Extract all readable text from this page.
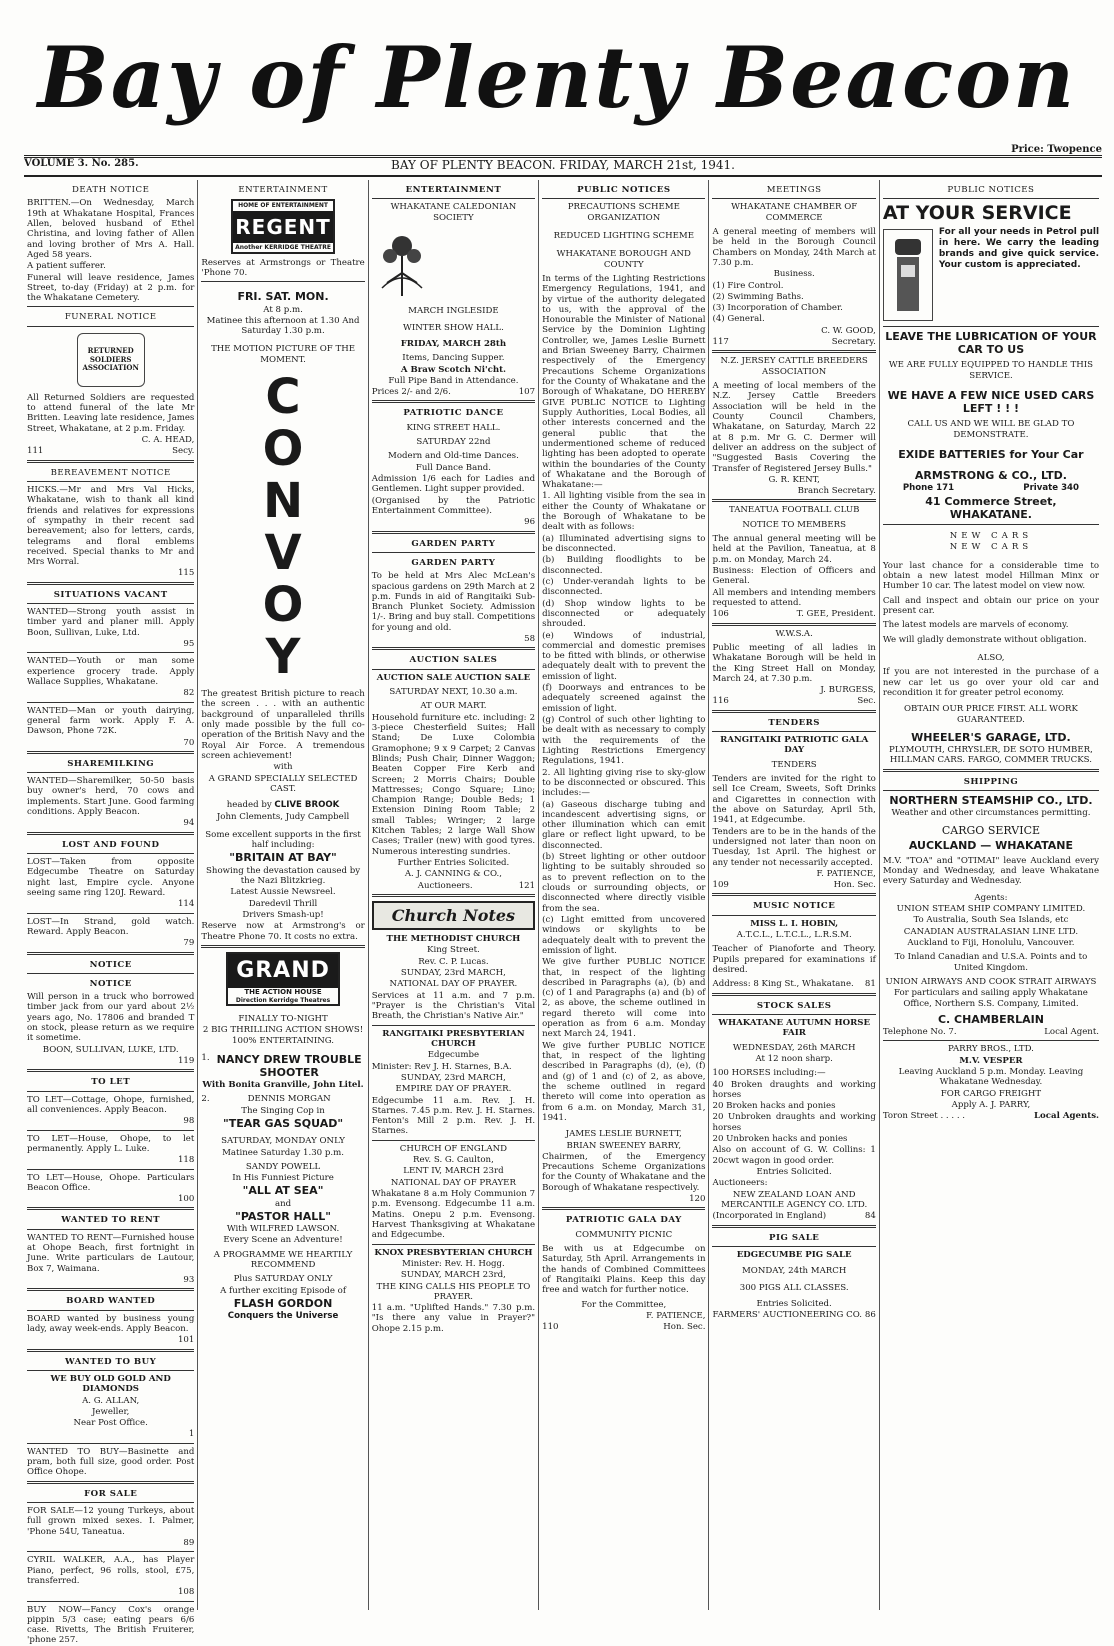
Bay of Plenty Beacon
Price: Twopence
VOLUME 3. No. 285.	BAY OF PLENTY BEACON. FRIDAY, MARCH 21st, 1941.
DEATH NOTICE

BRITTEN.—On Wednesday, March 19th at Whakatane Hospital, Frances Allen, beloved husband of Ethel Christina, and loving father of Allen and loving brother of Mrs A. Hall. Aged 58 years.

A patient sufferer.

Funeral will leave residence, James Street, to-day (Friday) at 2 p.m. for the Whakatane Cemetery.

FUNERAL NOTICE
RETURNED SOLDIERS ASSOCIATION

All Returned Soldiers are requested to attend funeral of the late Mr Britten. Leaving late residence, James Street, Whakatane, at 2 p.m. Friday.

C. A. HEAD,

111	Secy.
BEREAVEMENT NOTICE

HICKS.—Mr and Mrs Val Hicks, Whakatane, wish to thank all kind friends and relatives for expressions of sympathy in their recent sad bereavement; also for letters, cards, telegrams and floral emblems received. Special thanks to Mr and Mrs Worral.

115
SITUATIONS VACANT

WANTED—Strong youth assist in timber yard and planer mill. Apply Boon, Sullivan, Luke, Ltd.

95

WANTED—Youth or man some experience grocery trade. Apply Wallace Supplies, Whakatane.

82

WANTED—Man or youth dairying, general farm work. Apply F. A. Dawson, Phone 72K.

70
SHAREMILKING

WANTED—Sharemilker, 50-50 basis buy owner's herd, 70 cows and implements. Start June. Good farming conditions. Apply Beacon.

94
LOST AND FOUND

LOST—Taken from opposite Edgecumbe Theatre on Saturday night last, Empire cycle. Anyone seeing same ring 120J. Reward.

114

LOST—In Strand, gold watch. Reward. Apply Beacon.

79
NOTICE
NOTICE

Will person in a truck who borrowed timber jack from our yard about 2½ years ago, No. 17806 and branded T on stock, please return as we require it sometime.

BOON, SULLIVAN, LUKE, LTD.

119
TO LET

TO LET—Cottage, Ohope, furnished, all conveniences. Apply Beacon.

98

TO LET—House, Ohope, to let permanently. Apply L. Luke.

118

TO LET—House, Ohope. Particulars Beacon Office.

100
WANTED TO RENT

WANTED TO RENT—Furnished house at Ohope Beach, first fortnight in June. Write particulars de Lautour, Box 7, Waimana.

93
BOARD WANTED

BOARD wanted by business young lady, away week-ends. Apply Beacon.

101
WANTED TO BUY

WE BUY OLD GOLD AND DIAMONDS

A. G. ALLAN,

Jeweller,

Near Post Office.

1

WANTED TO BUY—Basinette and pram, both full size, good order. Post Office Ohope.

FOR SALE

FOR SALE—12 young Turkeys, about full grown mixed sexes. I. Palmer, 'Phone 54U, Taneatua.

89

CYRIL WALKER, A.A., has Player Piano, perfect, 96 rolls, stool, £75, transferred.

108

BUY NOW—Fancy Cox's orange pippin 5/3 case; eating pears 6/6 case. Rivetts, The British Fruiterer, 'phone 257.

ENTERTAINMENT
HOME OF ENTERTAINMENT
REGENT
Another KERRIDGE THEATRE

Reserves at Armstrongs or Theatre 'Phone 70.

FRI. SAT. MON.

At 8 p.m.

Matinee this afternoon at 1.30 And Saturday 1.30 p.m.

THE MOTION PICTURE OF THE MOMENT.

C
O
N
V
O
Y

The greatest British picture to reach the screen . . . with an authentic background of unparalleled thrills only made possible by the full co-operation of the British Navy and the Royal Air Force. A tremendous screen achievement!

with

A GRAND SPECIALLY SELECTED CAST.

headed by CLIVE BROOK

John Clements, Judy Campbell

Some excellent supports in the first half including:

"BRITAIN AT BAY"

Showing the devastation caused by the Nazi Blitzkrieg.

Latest Aussie Newsreel.

Daredevil Thrill

Drivers Smash-up!

Reserve now at Armstrong's or Theatre Phone 70. It costs no extra.

GRAND
THE ACTION HOUSE
Direction Kerridge Theatres

FINALLY TO-NIGHT

2 BIG THRILLING ACTION SHOWS!

100% ENTERTAINING.

1. NANCY DREW TROUBLE SHOOTER

With Bonita Granville, John Litel.

2.	DENNIS MORGAN

The Singing Cop in

"TEAR GAS SQUAD"

SATURDAY, MONDAY ONLY

Matinee Saturday 1.30 p.m.

SANDY POWELL

In His Funniest Picture

"ALL AT SEA"

and

"PASTOR HALL"

With WILFRED LAWSON.

Every Scene an Adventure!

A PROGRAMME WE HEARTILY RECOMMEND

Plus SATURDAY ONLY

A further exciting Episode of

FLASH GORDON

Conquers the Universe

ENTERTAINMENT

WHAKATANE CALEDONIAN SOCIETY

MARCH INGLESIDE

WINTER SHOW HALL.

FRIDAY, MARCH 28th

Items, Dancing Supper.

A Braw Scotch Ni'cht.

Full Pipe Band in Attendance.

Prices 2/- and 2/6.	107
PATRIOTIC DANCE

KING STREET HALL.

SATURDAY 22nd

Modern and Old-time Dances.

Full Dance Band.

Admission 1/6 each for Ladies and Gentlemen. Light supper provided.

(Organised by the Patriotic Entertainment Committee).

96
GARDEN PARTY
GARDEN PARTY

To be held at Mrs Alec McLean's spacious gardens on 29th March at 2 p.m. Funds in aid of Rangitaiki Sub-Branch Plunket Society. Admission 1/-. Bring and buy stall. Competitions for young and old.

58
AUCTION SALES

AUCTION SALE AUCTION SALE

SATURDAY NEXT, 10.30 a.m.

AT OUR MART.

Household furniture etc. including: 2 3-piece Chesterfield Suites; Hall Stand; De Luxe Colombia Gramophone; 9 x 9 Carpet; 2 Canvas Blinds; Push Chair, Dinner Waggon; Beaten Copper Fire Kerb and Screen; 2 Morris Chairs; Double Mattresses; Congo Square; Lino; Champion Range; Double Beds; 1 Extension Dining Room Table; 2 small Tables; Wringer; 2 large Kitchen Tables; 2 large Wall Show Cases; Trailer (new) with good tyres. Numerous interesting sundries.

Further Entries Solicited.

A. J. CANNING & CO.,

Auctioneers.	121
Church Notes

THE METHODIST CHURCH

King Street.

Rev. C. P. Lucas.

SUNDAY, 23rd MARCH,

NATIONAL DAY OF PRAYER.

Services at 11 a.m. and 7 p.m. "Prayer is the Christian's Vital Breath, the Christian's Native Air."

RANGITAIKI PRESBYTERIAN CHURCH

Edgecumbe

Minister: Rev J. H. Starnes, B.A.

SUNDAY, 23rd MARCH,

EMPIRE DAY OF PRAYER.

Edgecumbe 11 a.m. Rev. J. H. Starnes. 7.45 p.m. Rev. J. H. Starnes. Fenton's Mill 2 p.m. Rev. J. H. Starnes.

CHURCH OF ENGLAND

Rev. S. G. Caulton,

LENT IV, MARCH 23rd

NATIONAL DAY OF PRAYER

Whakatane 8 a.m Holy Communion 7 p.m. Evensong. Edgecumbe 11 a.m. Matins. Onepu 2 p.m. Evensong. Harvest Thanksgiving at Whakatane and Edgecumbe.

KNOX PRESBYTERIAN CHURCH

Minister: Rev. H. Hogg.

SUNDAY, MARCH 23rd,

THE KING CALLS HIS PEOPLE TO PRAYER.

11 a.m. "Uplifted Hands." 7.30 p.m. "Is there any value in Prayer?" Ohope 2.15 p.m.

PUBLIC NOTICES

PRECAUTIONS SCHEME ORGANIZATION

REDUCED LIGHTING SCHEME

WHAKATANE BOROUGH AND COUNTY

In terms of the Lighting Restrictions Emergency Regulations, 1941, and by virtue of the authority delegated to us, with the approval of the Honourable the Minister of National Service by the Dominion Lighting Controller, we, James Leslie Burnett and Brian Sweeney Barry, Chairmen respectively of the Emergency Precautions Scheme Organizations for the County of Whakatane and the Borough of Whakatane, DO HEREBY GIVE PUBLIC NOTICE to Lighting Supply Authorities, Local Bodies, all other interests concerned and the general public that the undermentioned scheme of reduced lighting has been adopted to operate within the boundaries of the County of Whakatane and the Borough of Whakatane:—

1. All lighting visible from the sea in either the County of Whakatane or the Borough of Whakatane to be dealt with as follows:

(a) Illuminated advertising signs to be disconnected.

(b) Building floodlights to be disconnected.

(c) Under-verandah lights to be disconnected.

(d) Shop window lights to be disconnected or adequately shrouded.

(e) Windows of industrial, commercial and domestic premises to be fitted with blinds, or otherwise adequately dealt with to prevent the emission of light.

(f) Doorways and entrances to be adequately screened against the emission of light.

(g) Control of such other lighting to be dealt with as necessary to comply with the requirements of the Lighting Restrictions Emergency Regulations, 1941.

2. All lighting giving rise to sky-glow to be disconnected or obscured. This includes:—

(a) Gaseous discharge tubing and incandescent advertising signs, or other illumination which can emit glare or reflect light upward, to be disconnected.

(b) Street lighting or other outdoor lighting to be suitably shrouded so as to prevent reflection on to the clouds or surrounding objects, or disconnected where directly visible from the sea.

(c) Light emitted from uncovered windows or skylights to be adequately dealt with to prevent the emission of light.

We give further PUBLIC NOTICE that, in respect of the lighting described in Paragraphs (a), (b) and (c) of 1 and Paragraphs (a) and (b) of 2, as above, the scheme outlined in regard thereto will come into operation as from 6 a.m. Monday next March 24, 1941.

We give further PUBLIC NOTICE that, in respect of the lighting described in Paragraphs (d), (e), (f) and (g) of 1 and (c) of 2, as above, the scheme outlined in regard thereto will come into operation as from 6 a.m. on Monday, March 31, 1941.

JAMES LESLIE BURNETT,

BRIAN SWEENEY BARRY,

Chairmen, of the Emergency Precautions Scheme Organizations for the County of Whakatane and the Borough of Whakatane respectively.

120
PATRIOTIC GALA DAY

COMMUNITY PICNIC

Be with us at Edgecumbe on Saturday, 5th April. Arrangements in the hands of Combined Committees of Rangitaiki Plains. Keep this day free and watch for further notice.

For the Committee,

F. PATIENCE,

110	Hon. Sec.
MEETINGS

WHAKATANE CHAMBER OF COMMERCE

A general meeting of members will be held in the Borough Council Chambers on Monday, 24th March at 7.30 p.m.

Business.

(1) Fire Control.

(2) Swimming Baths.

(3) Incorporation of Chamber.

(4) General.

C. W. GOOD,

117	Secretary.

N.Z. JERSEY CATTLE BREEDERS ASSOCIATION

A meeting of local members of the N.Z. Jersey Cattle Breeders Association will be held in the County Council Chambers, Whakatane, on Saturday, March 22 at 8 p.m. Mr G. C. Dermer will deliver an address on the subject of "Suggested Basis Covering the Transfer of Registered Jersey Bulls."

G. R. KENT,

Branch Secretary.

TANEATUA FOOTBALL CLUB

NOTICE TO MEMBERS

The annual general meeting will be held at the Pavilion, Taneatua, at 8 p.m. on Monday, March 24.

Business: Election of Officers and General.

All members and intending members requested to attend.

106	T. GEE, President.

W.W.S.A.

Public meeting of all ladies in Whakatane Borough will be held in the King Street Hall on Monday, March 24, at 7.30 p.m.

J. BURGESS,

116	Sec.
TENDERS

RANGITAIKI PATRIOTIC GALA DAY

TENDERS

Tenders are invited for the right to sell Ice Cream, Sweets, Soft Drinks and Cigarettes in connection with the above on Saturday, April 5th, 1941, at Edgecumbe.

Tenders are to be in the hands of the undersigned not later than noon on Tuesday, 1st April. The highest or any tender not necessarily accepted.

F. PATIENCE,

109	Hon. Sec.
MUSIC NOTICE

MISS L. I. HOBIN,

A.T.C.L., L.T.C.L., L.R.S.M.

Teacher of Pianoforte and Theory. Pupils prepared for examinations if desired.

Address: 8 King St., Whakatane. 81
STOCK SALES

WHAKATANE AUTUMN HORSE FAIR

WEDNESDAY, 26th MARCH

At 12 noon sharp.

100 HORSES including:—

40 Broken draughts and working horses

20 Broken hacks and ponies

20 Unbroken draughts and working horses

20 Unbroken hacks and ponies

Also on account of G. W. Collins: 1 20cwt wagon in good order.

Entries Solicited.

Auctioneers:

NEW ZEALAND LOAN AND MERCANTILE AGENCY CO. LTD.

(Incorporated in England)	84
PIG SALE

EDGECUMBE PIG SALE

MONDAY, 24th MARCH

300 PIGS ALL CLASSES.

Entries Solicited.

FARMERS' AUCTIONEERING CO. 86
PUBLIC NOTICES
AT YOUR SERVICE

For all your needs in Petrol pull in here. We carry the leading brands and give quick service. Your custom is appreciated.

LEAVE THE LUBRICATION OF YOUR CAR TO US

WE ARE FULLY EQUIPPED TO HANDLE THIS SERVICE.

WE HAVE A FEW NICE USED CARS LEFT ! ! !

CALL US AND WE WILL BE GLAD TO DEMONSTRATE.

EXIDE BATTERIES for Your Car

ARMSTRONG & CO., LTD.

Phone 171	Private 340

41 Commerce Street, WHAKATANE.

NEW CARS

NEW CARS

Your last chance for a considerable time to obtain a new latest model Hillman Minx or Humber 10 car. The latest model on view now.

Call and inspect and obtain our price on your present car.

The latest models are marvels of economy.

We will gladly demonstrate without obligation.

ALSO,

If you are not interested in the purchase of a new car let us go over your old car and recondition it for greater petrol economy.

OBTAIN OUR PRICE FIRST. ALL WORK GUARANTEED.

WHEELER'S GARAGE, LTD.

PLYMOUTH, CHRYSLER, DE SOTO HUMBER, HILLMAN CARS. FARGO, COMMER TRUCKS.

SHIPPING

NORTHERN STEAMSHIP CO., LTD.

Weather and other circumstances permitting.

CARGO SERVICE

AUCKLAND — WHAKATANE

M.V. "TOA" and "OTIMAI" leave Auckland every Monday and Wednesday, and leave Whakatane every Saturday and Wednesday.

Agents:

UNION STEAM SHIP COMPANY LIMITED.

To Australia, South Sea Islands, etc

CANADIAN AUSTRALASIAN LINE LTD.

Auckland to Fiji, Honolulu, Vancouver.

To Inland Canadian and U.S.A. Points and to United Kingdom.

UNION AIRWAYS AND COOK STRAIT AIRWAYS

For particulars and sailing apply Whakatane Office, Northern S.S. Company, Limited.

C. CHAMBERLAIN

Telephone No. 7.	Local Agent.

PARRY BROS., LTD.

M.V. VESPER

Leaving Auckland 5 p.m. Monday. Leaving Whakatane Wednesday.

FOR CARGO FREIGHT

Apply A. J. PARRY,

Toron Street . . . . .	Local Agents.
